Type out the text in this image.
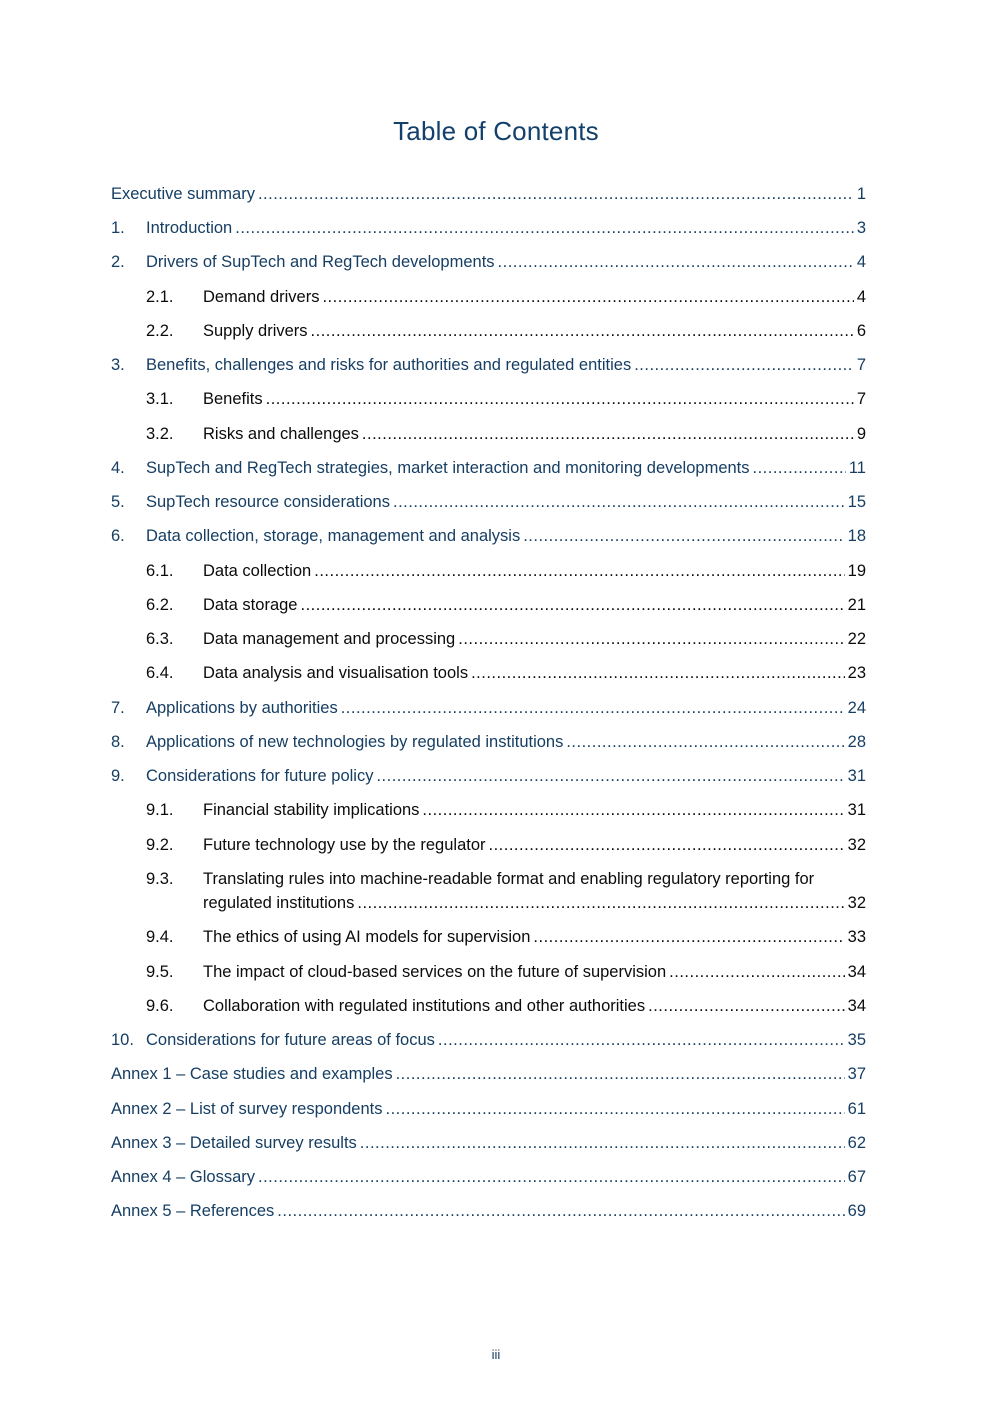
Table of Contents
Executive summary .....	1
1.	Introduction .....	3
2.	Drivers of SupTech and RegTech developments .....	4
2.1.	Demand drivers .....	4
2.2.	Supply drivers .....	6
3.	Benefits, challenges and risks for authorities and regulated entities .....	7
3.1.	Benefits .....	7
3.2.	Risks and challenges .....	9
4.	SupTech and RegTech strategies, market interaction and monitoring developments .....	11
5.	SupTech resource considerations .....	15
6.	Data collection, storage, management and analysis .....	18
6.1.	Data collection .....	19
6.2.	Data storage .....	21
6.3.	Data management and processing .....	22
6.4.	Data analysis and visualisation tools .....	23
7.	Applications by authorities .....	24
8.	Applications of new technologies by regulated institutions .....	28
9.	Considerations for future policy .....	31
9.1.	Financial stability implications .....	31
9.2.	Future technology use by the regulator .....	32
9.3.	Translating rules into machine-readable format and enabling regulatory reporting for
regulated institutions .....	32
9.4.	The ethics of using AI models for supervision .....	33
9.5.	The impact of cloud-based services on the future of supervision .....	34
9.6.	Collaboration with regulated institutions and other authorities .....	34
10. Considerations for future areas of focus .....	35
Annex 1 – Case studies and examples .....	37
Annex 2 – List of survey respondents .....	61
Annex 3 – Detailed survey results .....	62
Annex 4 – Glossary .....	67
Annex 5 – References .....	69
iii
